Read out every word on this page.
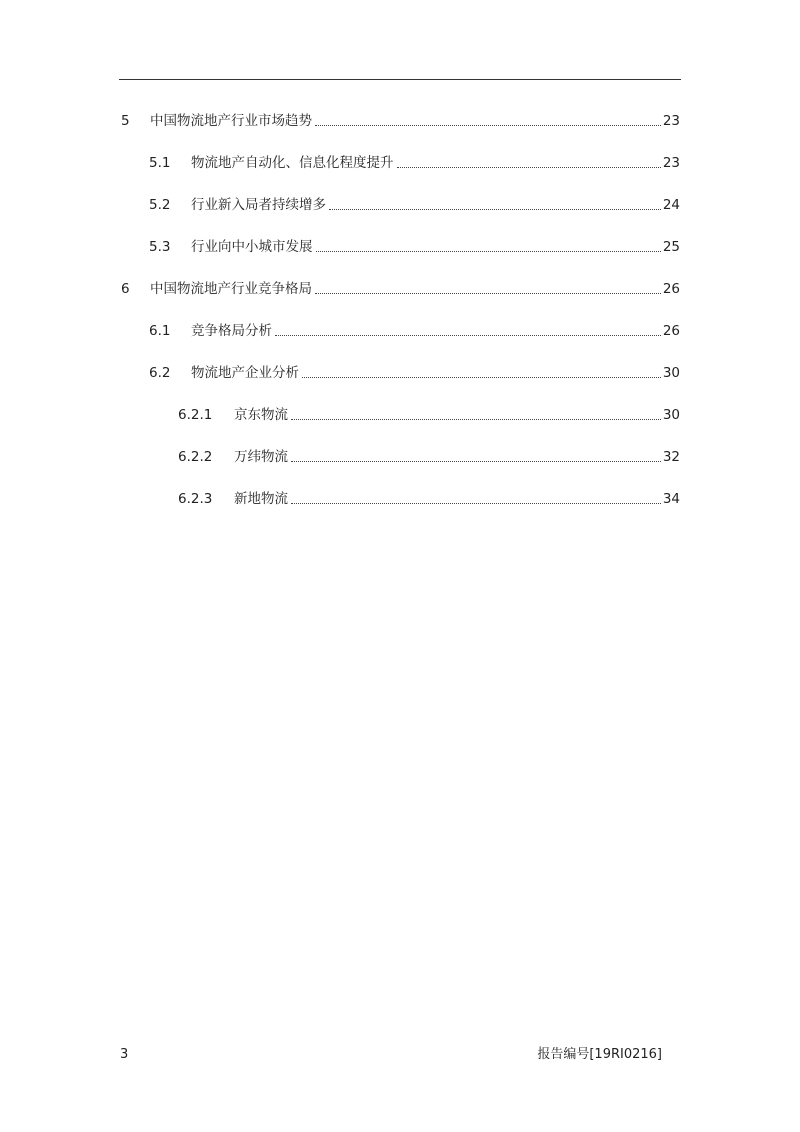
5	中国物流地产行业市场趋势	23
5.1	物流地产自动化、信息化程度提升	23
5.2	行业新入局者持续增多	24
5.3	行业向中小城市发展	25
6	中国物流地产行业竞争格局	26
6.1	竞争格局分析	26
6.2	物流地产企业分析	30
6.2.1	京东物流	30
6.2.2	万纬物流	32
6.2.3	新地物流	34
3	报告编号[19RI0216]
